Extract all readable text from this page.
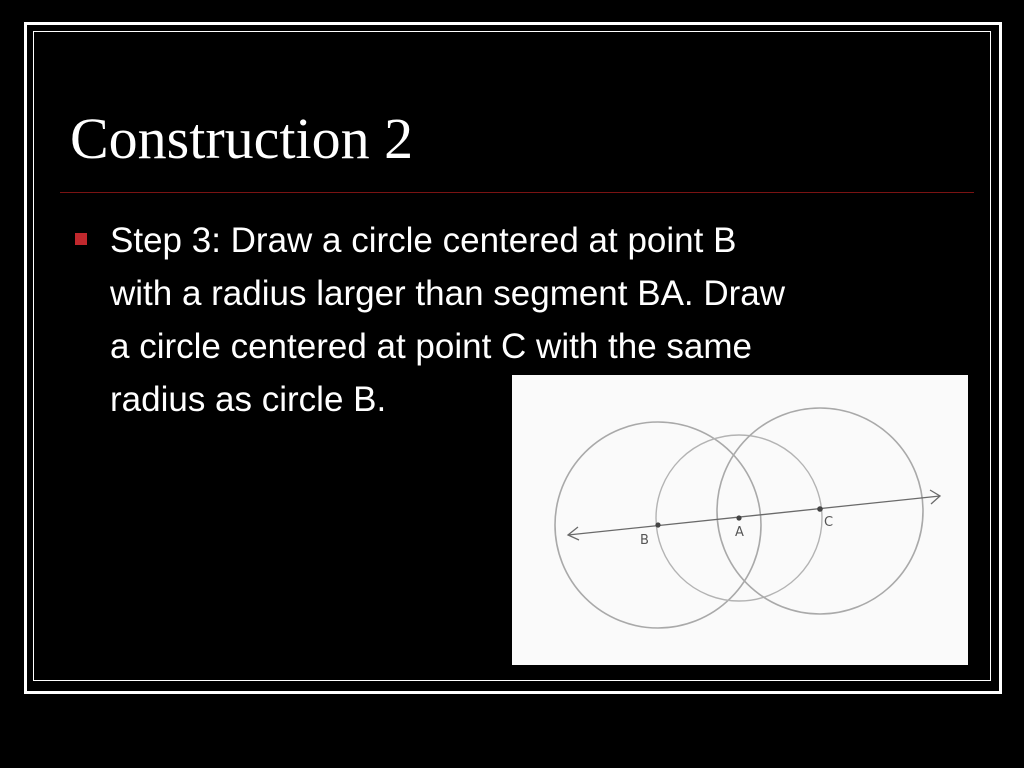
Construction 2

Step 3: Draw a circle centered at point B
with a radius larger than segment BA. Draw
a circle centered at point C with the same
radius as circle B.

B
A
C
